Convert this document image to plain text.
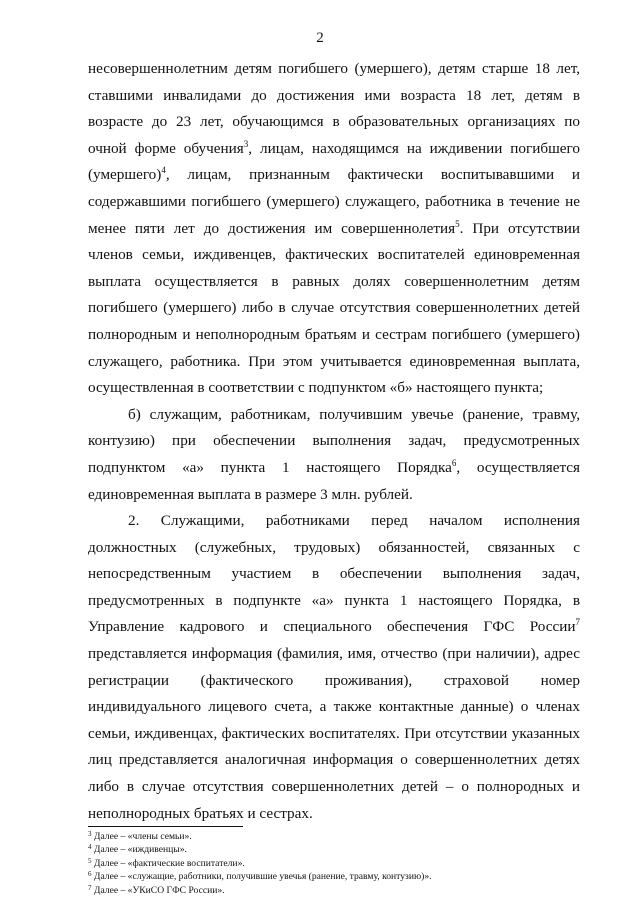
2

несовершеннолетним детям погибшего (умершего), детям старше 18 лет, ставшими инвалидами до достижения ими возраста 18 лет, детям в возрасте до 23 лет, обучающимся в образовательных организациях по очной форме обучения$^3$, лицам, находящимся на иждивении погибшего (умершего)$^4$, лицам, признанным фактически воспитывавшими и содержавшими погибшего (умершего) служащего, работника в течение не менее пяти лет до достижения им совершеннолетия$^5$. При отсутствии членов семьи, иждивенцев, фактических воспитателей единовременная выплата осуществляется в равных долях совершеннолетним детям погибшего (умершего) либо в случае отсутствия совершеннолетних детей полнородным и неполнородным братьям и сестрам погибшего (умершего) служащего, работника. При этом учитывается единовременная выплата, осуществленная в соответствии с подпунктом «б» настоящего пункта;

б) служащим, работникам, получившим увечье (ранение, травму, контузию) при обеспечении выполнения задач, предусмотренных подпунктом «а» пункта 1 настоящего Порядка$^6$, осуществляется единовременная выплата в размере 3 млн. рублей.

2. Служащими, работниками перед началом исполнения должностных (служебных, трудовых) обязанностей, связанных с непосредственным участием в обеспечении выполнения задач, предусмотренных в подпункте «а» пункта 1 настоящего Порядка, в Управление кадрового и специального обеспечения ГФС России$^7$ представляется информация (фамилия, имя, отчество (при наличии), адрес регистрации (фактического проживания), страховой номер индивидуального лицевого счета, а также контактные данные) о членах семьи, иждивенцах, фактических воспитателях. При отсутствии указанных лиц представляется аналогичная информация о совершеннолетних детях либо в случае отсутствия совершеннолетних детей – о полнородных и неполнородных братьях и сестрах.

$^3$ Далее – «члены семьи».
$^4$ Далее – «иждивенцы».
$^5$ Далее – «фактические воспитатели».
$^6$ Далее – «служащие, работники, получившие увечья (ранение, травму, контузию)».
$^7$ Далее – «УКиСО ГФС России».
